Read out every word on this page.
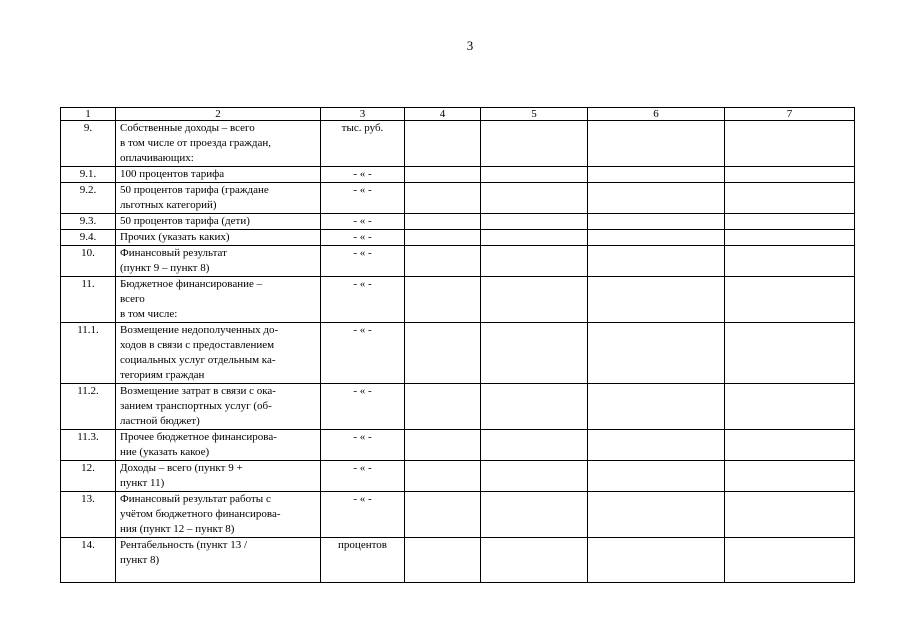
3
1	2	3	4	5	6	7
9.	Собственные доходы – всего
в том числе от проезда граждан,
оплачивающих:	тыс. руб.				
9.1.	100 процентов тарифа	- « -				
9.2.	50 процентов тарифа (граждане
льготных категорий)	- « -				
9.3.	50 процентов тарифа (дети)	- « -				
9.4.	Прочих (указать каких)	- « -				
10.	Финансовый результат
(пункт 9 – пункт 8)	- « -				
11.	Бюджетное финансирование –
всего
в том числе:	- « -				
11.1.	Возмещение недополученных до-
ходов в связи с предоставлением
социальных услуг отдельным ка-
тегориям граждан	- « -				
11.2.	Возмещение затрат в связи с ока-
занием транспортных услуг (об-
ластной бюджет)	- « -				
11.3.	Прочее бюджетное финансирова-
ние (указать какое)	- « -				
12.	Доходы – всего (пункт 9 +
пункт 11)	- « -				
13.	Финансовый результат работы с
учётом бюджетного финансирова-
ния (пункт 12 – пункт 8)	- « -				
14.	Рентабельность (пункт 13 /
пункт 8)	процентов				
